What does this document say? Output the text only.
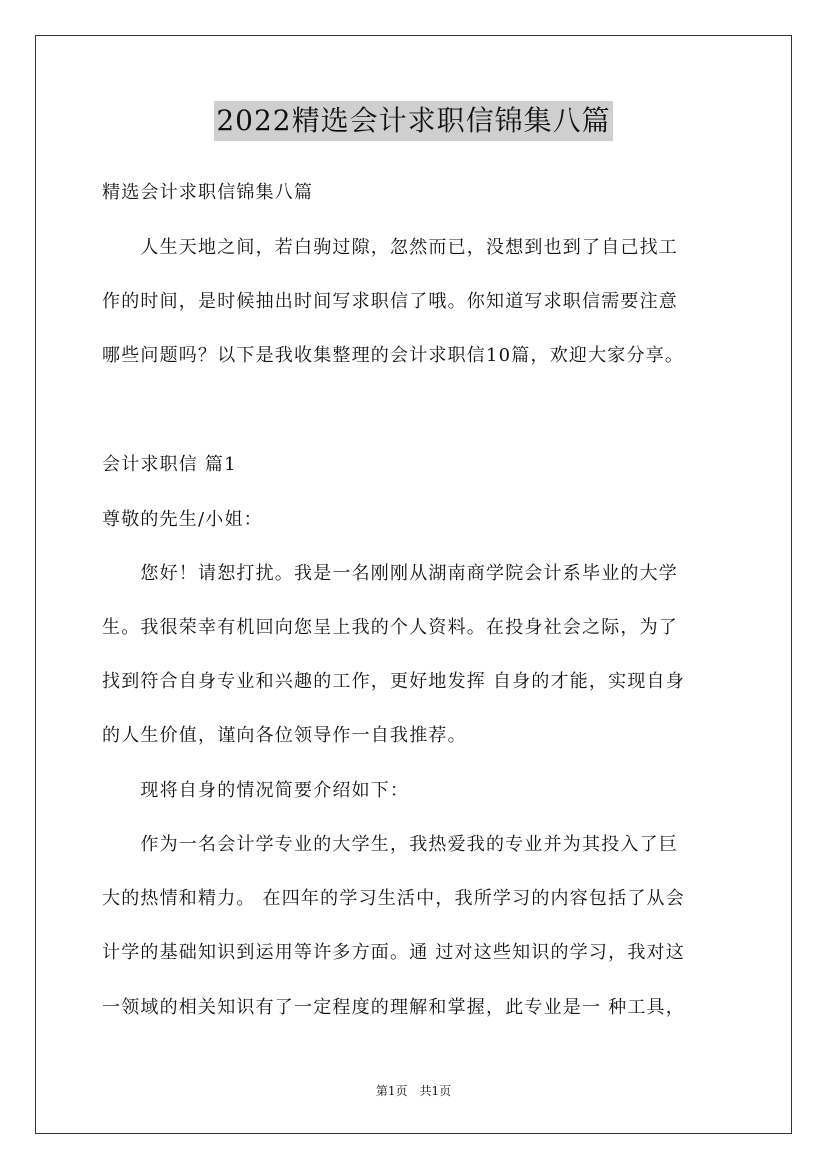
2022精选会计求职信锦集八篇
精选会计求职信锦集八篇
　　人生天地之间，若白驹过隙，忽然而已，没想到也到了自己找工
作的时间，是时候抽出时间写求职信了哦。你知道写求职信需要注意
哪些问题吗？以下是我收集整理的会计求职信10篇，欢迎大家分享。
会计求职信 篇1
尊敬的先生/小姐：
　　您好！请恕打扰。我是一名刚刚从湖南商学院会计系毕业的大学
生。我很荣幸有机回向您呈上我的个人资料。在投身社会之际，为了
找到符合自身专业和兴趣的工作，更好地发挥 自身的才能，实现自身
的人生价值，谨向各位领导作一自我推荐。
　　现将自身的情况简要介绍如下：
　　作为一名会计学专业的大学生，我热爱我的专业并为其投入了巨
大的热情和精力。 在四年的学习生活中，我所学习的内容包括了从会
计学的基础知识到运用等许多方面。通 过对这些知识的学习，我对这
一领域的相关知识有了一定程度的理解和掌握，此专业是一 种工具，
第1页　共1页
